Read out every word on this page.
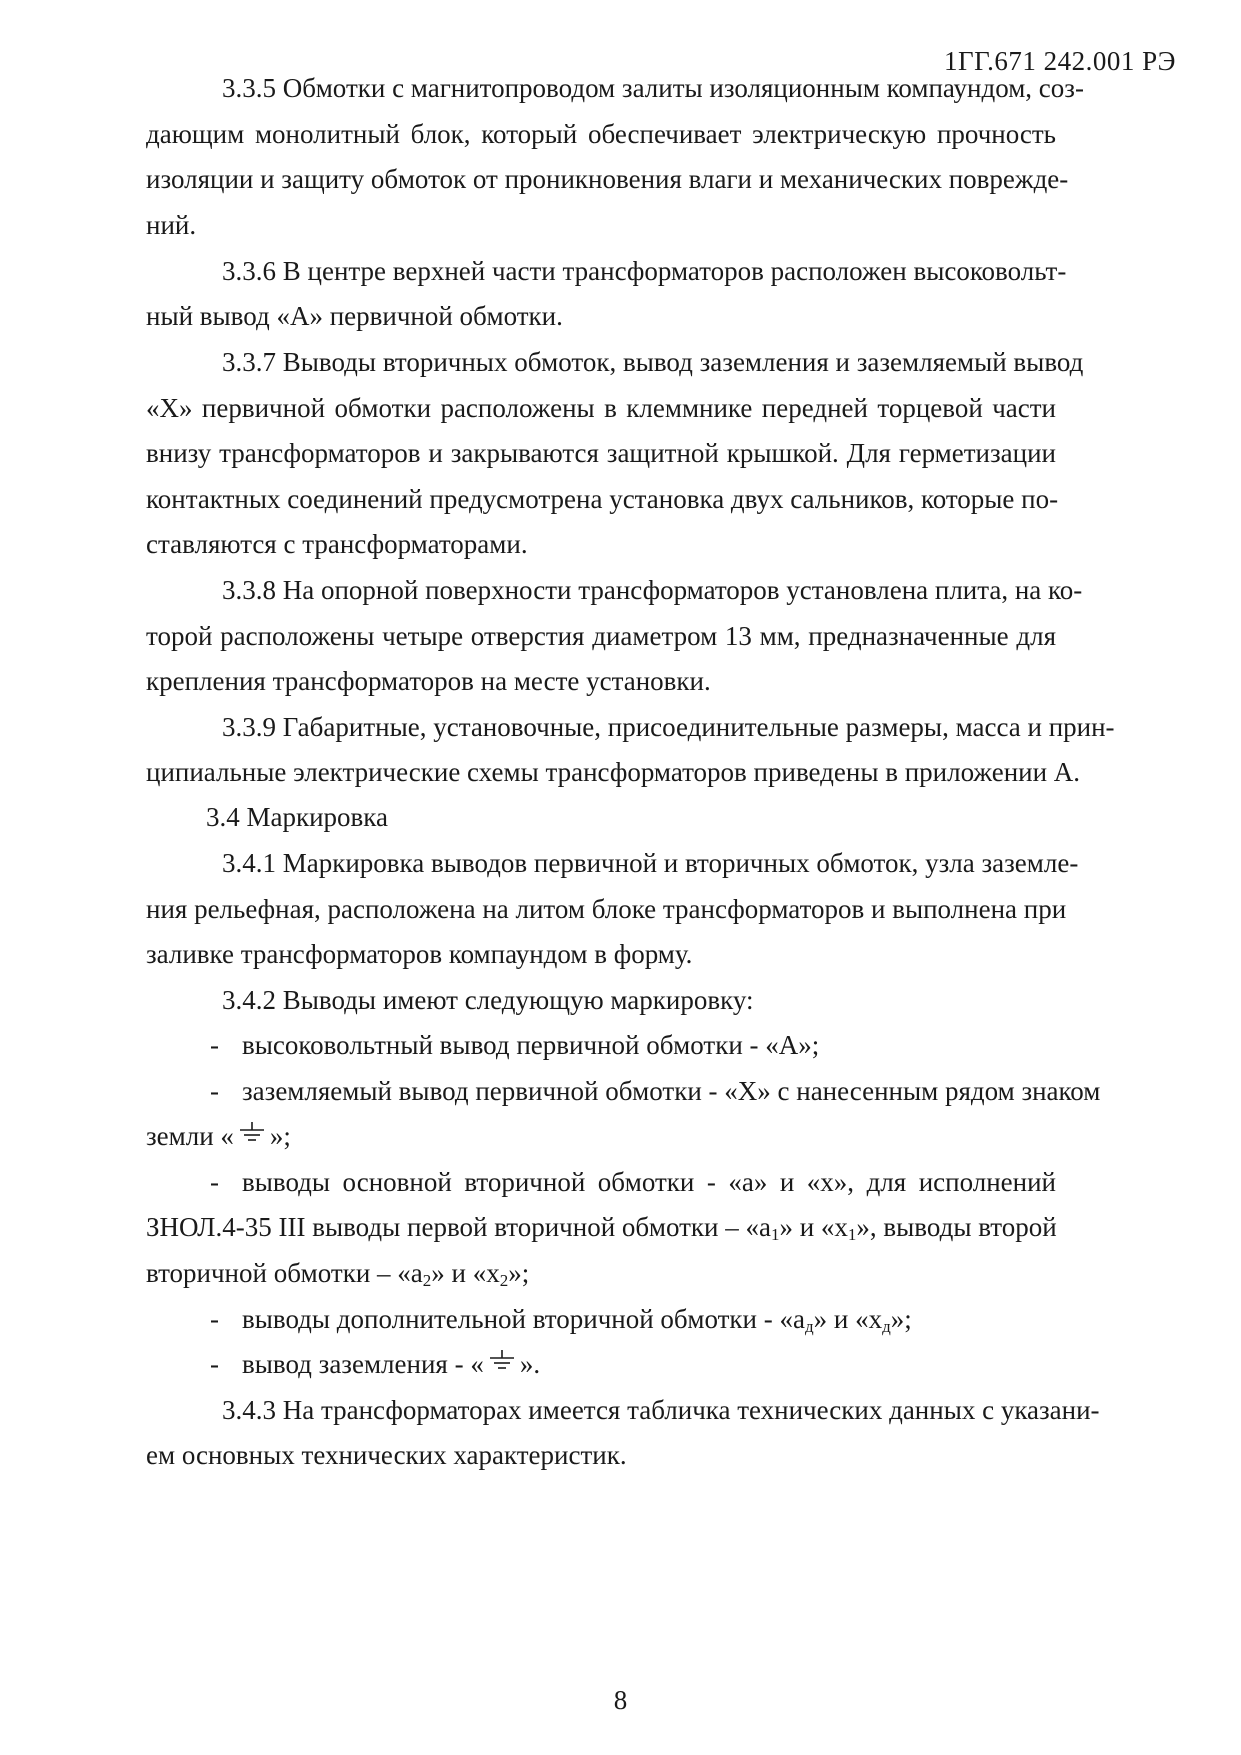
1ГГ.671 242.001 РЭ
3.3.5 Обмотки с магнитопроводом залиты изоляционным компаундом, соз-
дающим монолитный блок, который обеспечивает электрическую прочность
изоляции и защиту обмоток от проникновения влаги и механических поврежде-
ний.
3.3.6 В центре верхней части трансформаторов расположен высоковольт-
ный вывод «А» первичной обмотки.
3.3.7 Выводы вторичных обмоток, вывод заземления и заземляемый вывод
«Х» первичной обмотки расположены в клеммнике передней торцевой части
внизу трансформаторов и закрываются защитной крышкой. Для герметизации
контактных соединений предусмотрена установка двух сальников, которые по-
ставляются с трансформаторами.
3.3.8 На опорной поверхности трансформаторов установлена плита, на ко-
торой расположены четыре отверстия диаметром 13 мм, предназначенные для
крепления трансформаторов на месте установки.
3.3.9 Габаритные, установочные, присоединительные размеры, масса и прин-
ципиальные электрические схемы трансформаторов приведены в приложении А.
3.4 Маркировка
3.4.1 Маркировка выводов первичной и вторичных обмоток, узла заземле-
ния рельефная, расположена на литом блоке трансформаторов и выполнена при
заливке трансформаторов компаундом в форму.
3.4.2 Выводы имеют следующую маркировку:
- высоковольтный вывод первичной обмотки - «А»;
- заземляемый вывод первичной обмотки - «Х» с нанесенным рядом знаком
земли « »;
- выводы основной вторичной обмотки - «а» и «х», для исполнений
ЗНОЛ.4-35 III выводы первой вторичной обмотки – «$а_1$» и «$х_1$», выводы второй
вторичной обмотки – «$а_2$» и «$х_2$»;
- выводы дополнительной вторичной обмотки - «$а_д$» и «$х_д$»;
- вывод заземления - « ».
3.4.3 На трансформаторах имеется табличка технических данных с указани-
ем основных технических характеристик.
8
